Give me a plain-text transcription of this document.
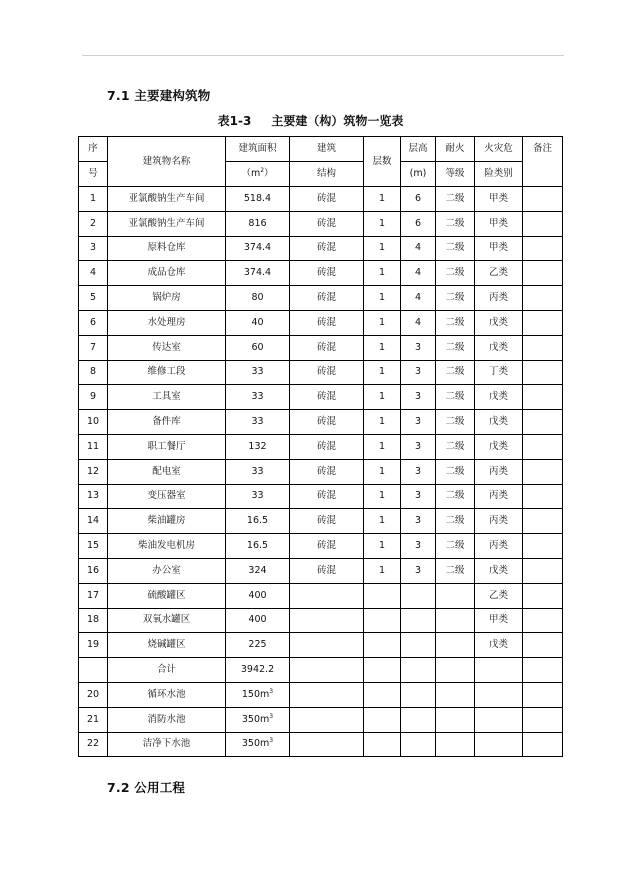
7.1 主要建构筑物
表1-3 主要建（构）筑物一览表
序	建筑物名称	建筑面积	建筑	层数	层高	耐火	火灾危	备注
号		$(m^2)$	结构		(m)	等级	险类别	
1	亚氯酸钠生产车间	518.4	砖混	1	6	二级	甲类	
2	亚氯酸钠生产车间	816	砖混	1	6	二级	甲类	
3	原料仓库	374.4	砖混	1	4	二级	甲类	
4	成品仓库	374.4	砖混	1	4	二级	乙类	
5	锅炉房	80	砖混	1	4	二级	丙类	
6	水处理房	40	砖混	1	4	二级	戊类	
7	传达室	60	砖混	1	3	二级	戊类	
8	维修工段	33	砖混	1	3	二级	丁类	
9	工具室	33	砖混	1	3	二级	戊类	
10	备件库	33	砖混	1	3	二级	戊类	
11	职工餐厅	132	砖混	1	3	二级	戊类	
12	配电室	33	砖混	1	3	二级	丙类	
13	变压器室	33	砖混	1	3	二级	丙类	
14	柴油罐房	16.5	砖混	1	3	二级	丙类	
15	柴油发电机房	16.5	砖混	1	3	二级	丙类	
16	办公室	324	砖混	1	3	二级	戊类	
17	硫酸罐区	400					乙类	
18	双氧水罐区	400					甲类	
19	烧碱罐区	225					戊类	
	合计	3942.2						
20	循环水池	$150m^3$						
21	消防水池	$350m^3$						
22	洁净下水池	$350m^3$						
7.2 公用工程
